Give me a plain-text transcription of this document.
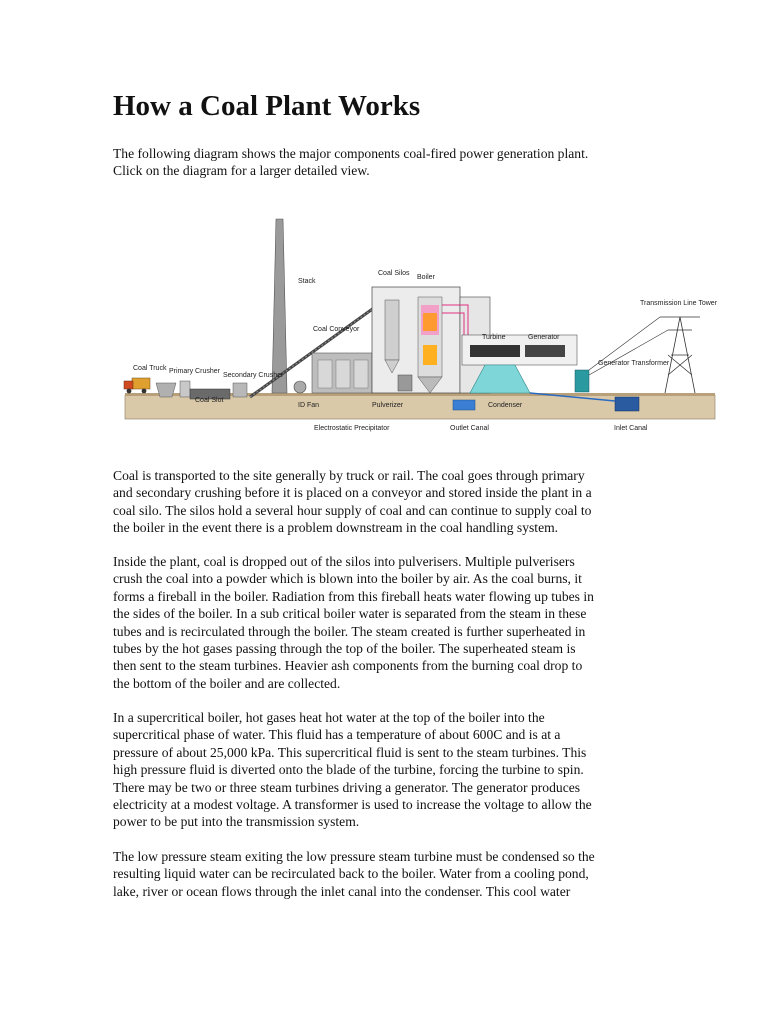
How a Coal Plant Works

The following diagram shows the major components coal-fired power generation plant.
Click on the diagram for a larger detailed view.

Coal Truck Primary Crusher
Secondary Crusher
Coal Slot
Stack
Coal Conveyor
Coal Silos
Boiler
Turbine	Generator
Generator Transformer
Transmission Line Tower
ID Fan	Pulverizer	Condenser
Electrostatic Precipitator	Outlet Canal	Inlet Canal

Coal is transported to the site generally by truck or rail. The coal goes through primary
and secondary crushing before it is placed on a conveyor and stored inside the plant in a
coal silo. The silos hold a several hour supply of coal and can continue to supply coal to
the boiler in the event there is a problem downstream in the coal handling system.

Inside the plant, coal is dropped out of the silos into pulverisers. Multiple pulverisers
crush the coal into a powder which is blown into the boiler by air. As the coal burns, it
forms a fireball in the boiler. Radiation from this fireball heats water flowing up tubes in
the sides of the boiler. In a sub critical boiler water is separated from the steam in these
tubes and is recirculated through the boiler. The steam created is further superheated in
tubes by the hot gases passing through the top of the boiler. The superheated steam is
then sent to the steam turbines. Heavier ash components from the burning coal drop to
the bottom of the boiler and are collected.

In a supercritical boiler, hot gases heat hot water at the top of the boiler into the
supercritical phase of water. This fluid has a temperature of about 600C and is at a
pressure of about 25,000 kPa. This supercritical fluid is sent to the steam turbines. This
high pressure fluid is diverted onto the blade of the turbine, forcing the turbine to spin.
There may be two or three steam turbines driving a generator. The generator produces
electricity at a modest voltage. A transformer is used to increase the voltage to allow the
power to be put into the transmission system.

The low pressure steam exiting the low pressure steam turbine must be condensed so the
resulting liquid water can be recirculated back to the boiler. Water from a cooling pond,
lake, river or ocean flows through the inlet canal into the condenser. This cool water
